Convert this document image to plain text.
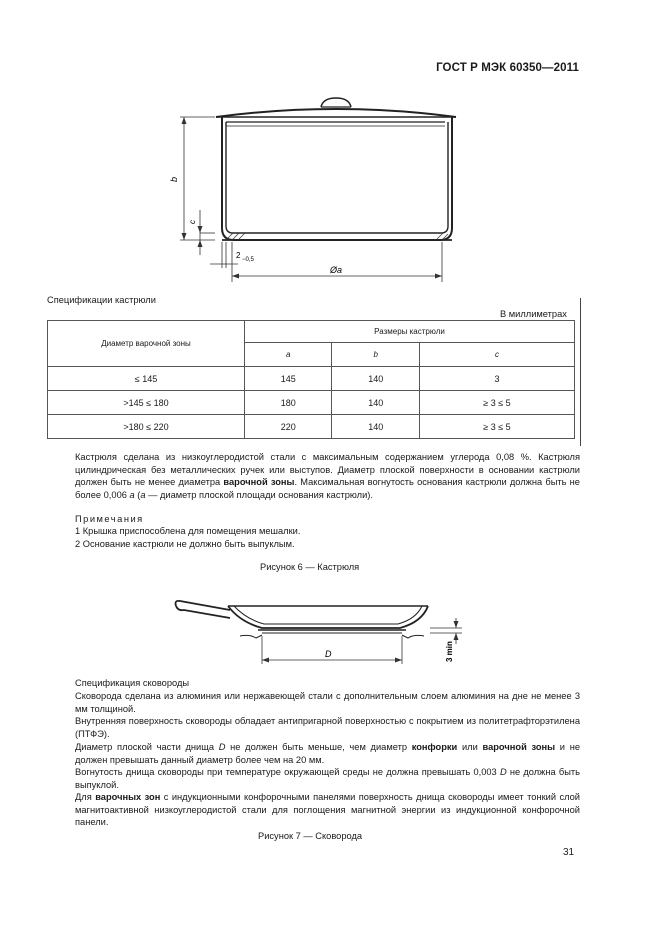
ГОСТ Р МЭК 60350—2011
b
c
2 −0,5
Øa
Спецификации кастрюли
В миллиметрах
Диаметр варочной зоны	Размеры кастрюли		
	a	b	c
≤ 145	145	140	3
>145 ≤ 180	180	140	≥ 3 ≤ 5
>180 ≤ 220	220	140	≥ 3 ≤ 5
Кастрюля сделана из низкоуглеродистой стали с максимальным содержанием углерода 0,08 %. Кастрюля цилиндрическая без металлических ручек или выступов. Диаметр плоской поверхности в основании кастрюли должен быть не менее диаметра варочной зоны. Максимальная вогнутость основания кастрюли должна быть не более 0,006 a (a — диаметр плоской площади основания кастрюли).
Примечания
1 Крышка приспособлена для помещения мешалки.
2 Основание кастрюли не должно быть выпуклым.
Рисунок 6 — Кастрюля
D	3 min
Спецификация сковороды
Сковорода сделана из алюминия или нержавеющей стали с дополнительным слоем алюминия на дне не менее 3 мм толщиной.
Внутренняя поверхность сковороды обладает антипригарной поверхностью с покрытием из политетрафторэтилена (ПТФЭ).
Диаметр плоской части днища D не должен быть меньше, чем диаметр конфорки или варочной зоны и не должен превышать данный диаметр более чем на 20 мм.
Вогнутость днища сковороды при температуре окружающей среды не должна превышать 0,003 D не должна быть выпуклой.
Для варочных зон с индукционными конфорочными панелями поверхность днища сковороды имеет тонкий слой магнитоактивной низкоуглеродистой стали для поглощения магнитной энергии из индукционной конфорочной панели.
Рисунок 7 — Сковорода
31
